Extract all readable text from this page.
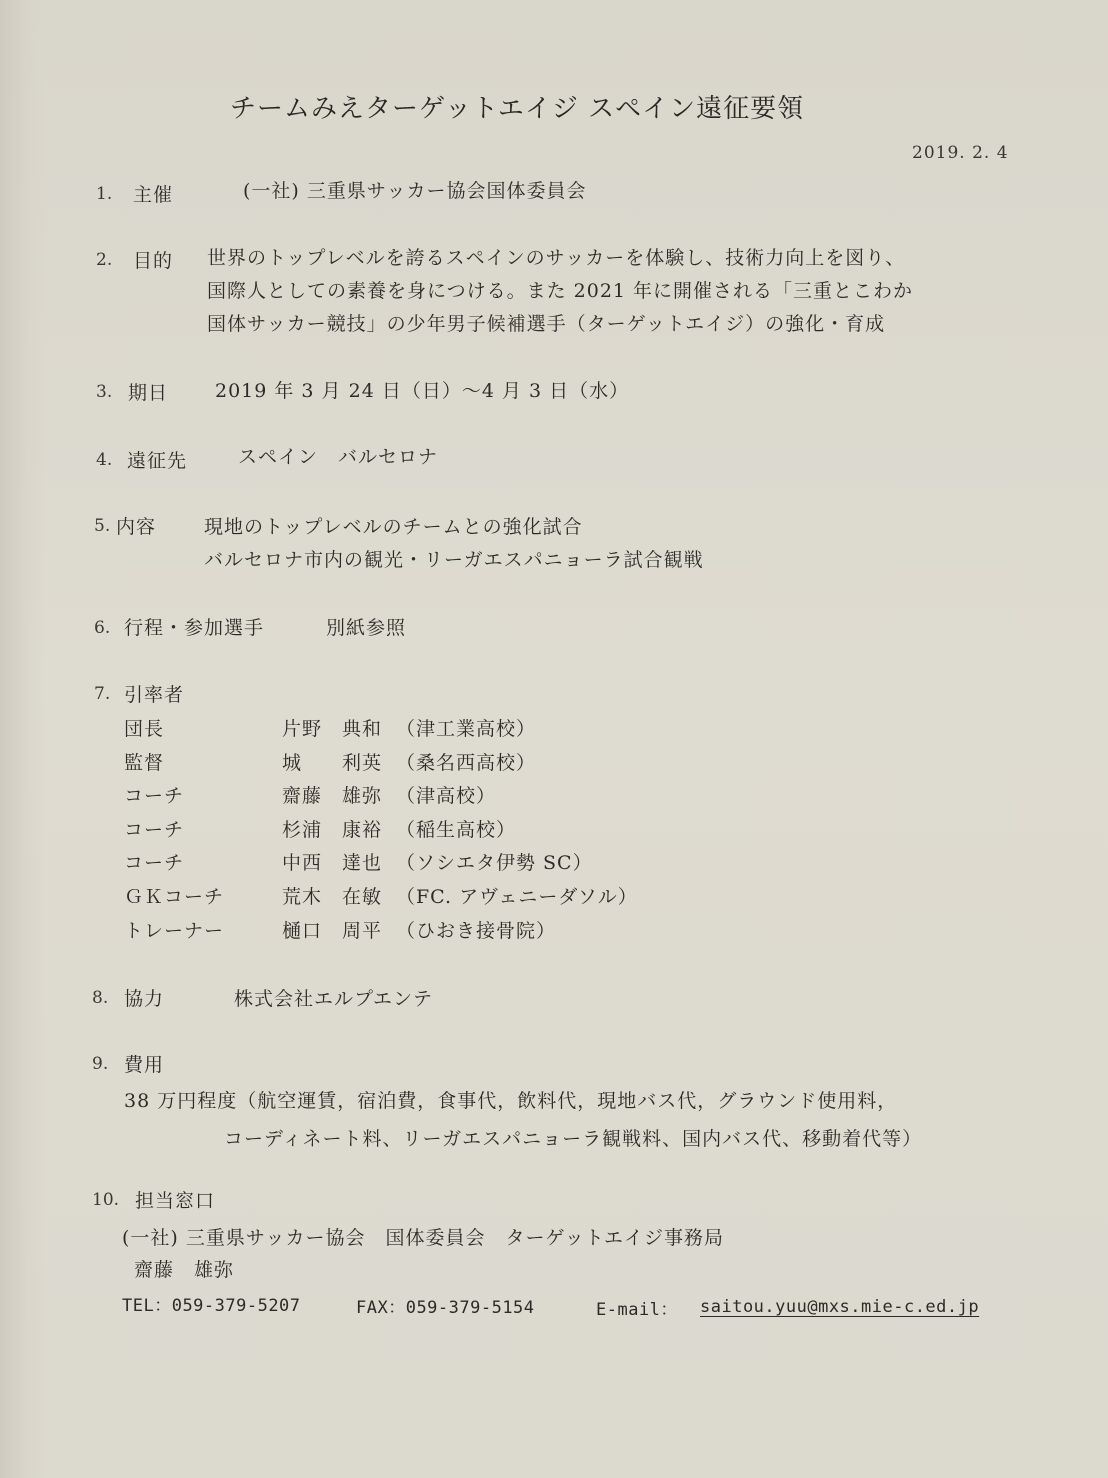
チームみえターゲットエイジ スペイン遠征要領
2019. 2. 4
1. 主催	(一社) 三重県サッカー協会国体委員会
2. 目的 世界のトップレベルを誇るスペインのサッカーを体験し、技術力向上を図り、
国際人としての素養を身につける。また 2021 年に開催される「三重とこわか
国体サッカー競技」の少年男子候補選手（ターゲットエイジ）の強化・育成
3. 期日 2019 年 3 月 24 日（日）～4 月 3 日（水）
4. 遠征先	スペイン　バルセロナ
5. 内容	現地のトップレベルのチームとの強化試合
バルセロナ市内の観光・リーガエスパニョーラ試合観戦
6. 行程・参加選手	別紙参照
7. 引率者
団長	片野　典和 （津工業高校）
監督	城　　利英 （桑名西高校）
コーチ	齋藤　雄弥 （津高校）
コーチ	杉浦　康裕 （稲生高校）
コーチ	中西　達也 （ソシエタ伊勢 SC）
ＧＫコーチ	荒木　在敏 （FC. アヴェニーダソル）
トレーナー	樋口　周平 （ひおき接骨院）
8. 協力	株式会社エルプエンテ
9. 費用
38 万円程度（航空運賃，宿泊費，食事代，飲料代，現地バス代，グラウンド使用料，
コーディネート料、リーガエスパニョーラ観戦料、国内バス代、移動着代等）
10. 担当窓口
(一社) 三重県サッカー協会　国体委員会　ターゲットエイジ事務局
齋藤　雄弥
TEL：059-379-5207	FAX：059-379-5154	E-mail： saitou.yuu@mxs.mie-c.ed.jp
